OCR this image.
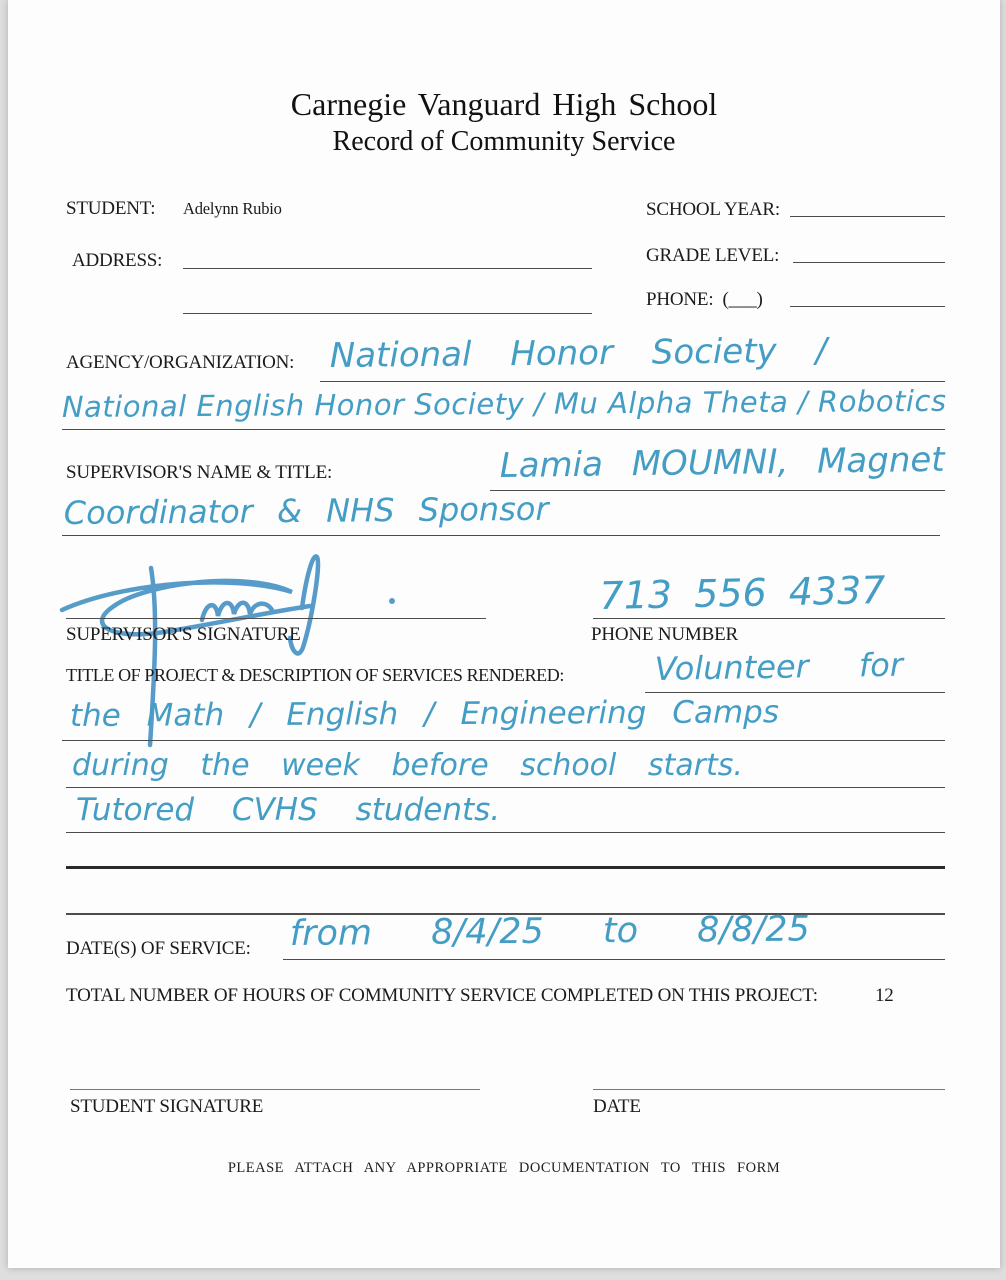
Carnegie Vanguard High School
Record of Community Service
STUDENT: Adelynn Rubio	SCHOOL YEAR:
ADDRESS:	GRADE LEVEL:
PHONE: (___)
AGENCY/ORGANIZATION: National Honor Society /
National English Honor Society / Mu Alpha Theta / Robotics
SUPERVISOR'S NAME & TITLE:	Lamia MOUMNI, Magnet
Coordinator & NHS Sponsor
SUPERVISOR'S SIGNATURE
713 556 4337
PHONE NUMBER
TITLE OF PROJECT & DESCRIPTION OF SERVICES RENDERED:	Volunteer for
the Math / English / Engineering Camps
during the week before school starts.
Tutored CVHS students.
DATE(S) OF SERVICE: from 8/4/25 to 8/8/25
TOTAL NUMBER OF HOURS OF COMMUNITY SERVICE COMPLETED ON THIS PROJECT:	12
STUDENT SIGNATURE	DATE
PLEASE ATTACH ANY APPROPRIATE DOCUMENTATION TO THIS FORM
